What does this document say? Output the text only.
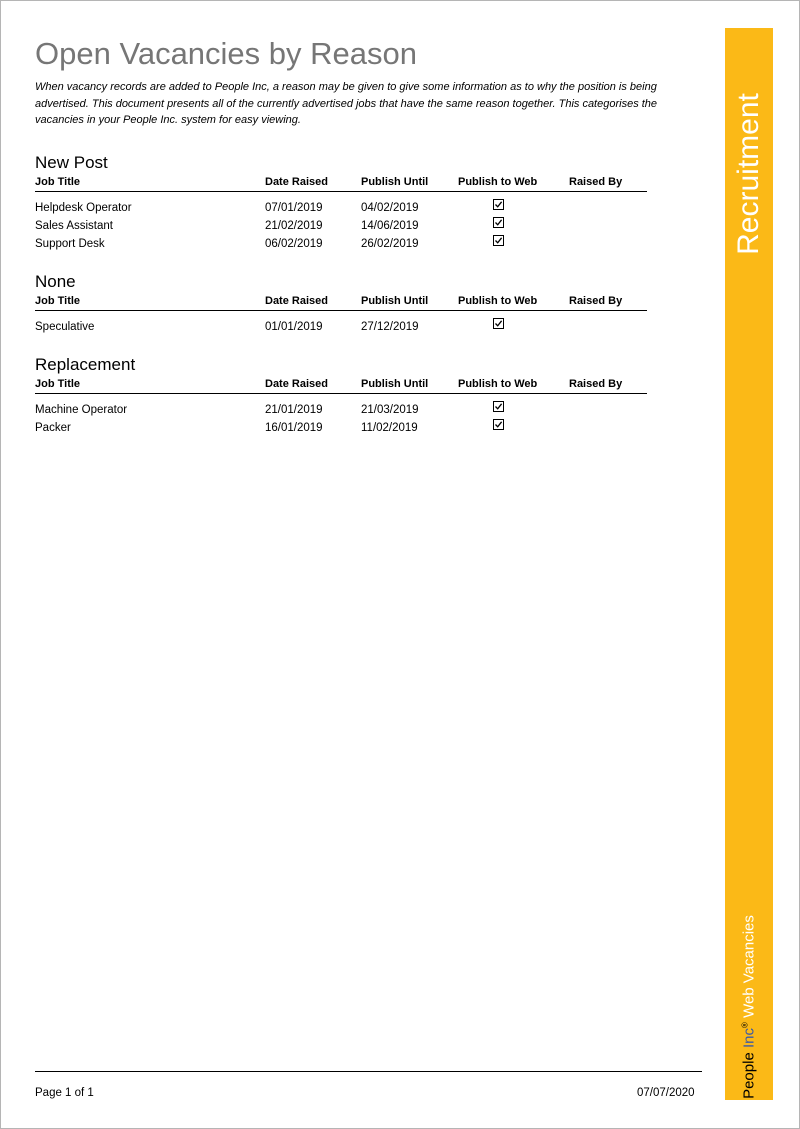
Open Vacancies by Reason
When vacancy records are added to People Inc, a reason may be given to give some information as to why the position is being advertised. This document presents all of the currently advertised jobs that have the same reason together. This categorises the vacancies in your People Inc. system for easy viewing.
New Post
Job Title	Date Raised	Publish Until	Publish to Web	Raised By
Helpdesk Operator	07/01/2019	04/02/2019
Sales Assistant	21/02/2019	14/06/2019
Support Desk	06/02/2019	26/02/2019
None
Job Title	Date Raised	Publish Until	Publish to Web	Raised By
Speculative	01/01/2019	27/12/2019
Replacement
Job Title	Date Raised	Publish Until	Publish to Web	Raised By
Machine Operator	21/01/2019	21/03/2019
Packer	16/01/2019	11/02/2019
Recruitment
People Inc® Web Vacancies
Page 1 of 1	07/07/2020
